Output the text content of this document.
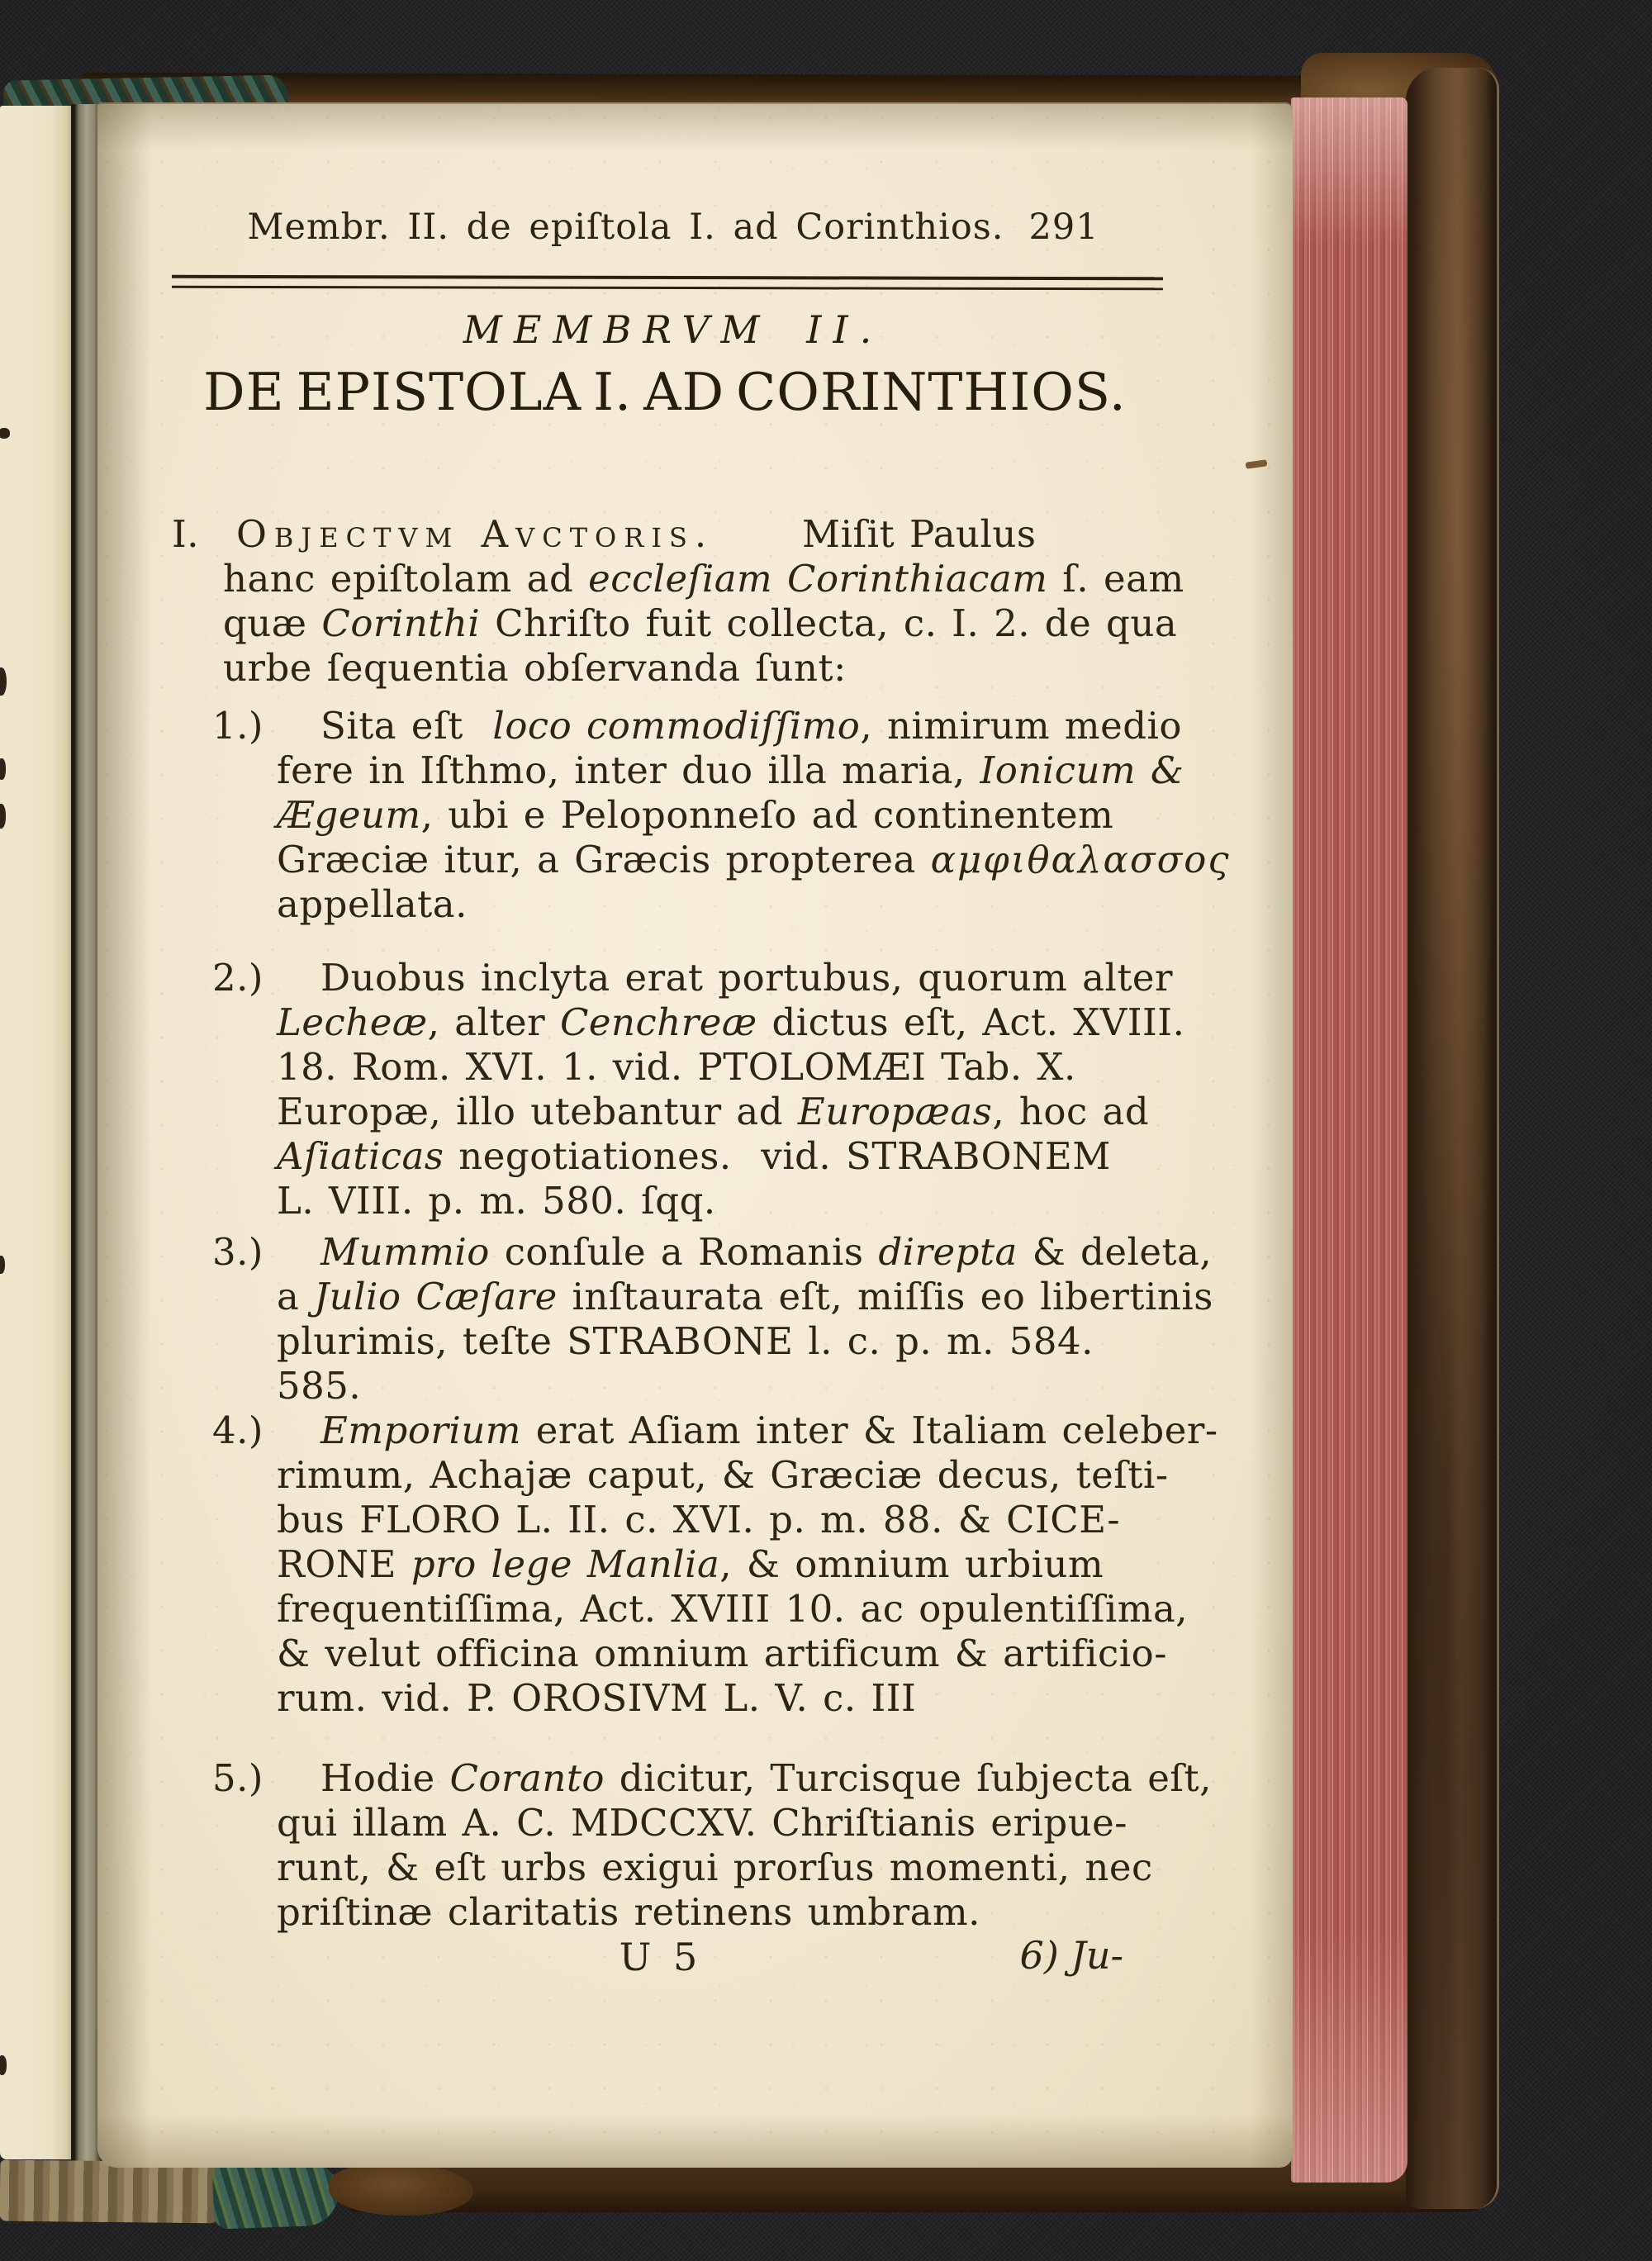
Membr. II. de epiſtola I. ad Corinthios. 291
MEMBRVM II.
DE EPISTOLA I. AD CORINTHIOS.
I. Objectvm Avctoris.      Miſit Paulus
hanc epiſtolam ad eccleſiam Corinthiacam ſ. eam
quæ Corinthi Chriſto fuit collecta, c. I. 2. de qua
urbe ſequentia obſervanda ſunt:
1.) Sita eſt  loco commodiſſimo, nimirum medio
fere in Iſthmo, inter duo illa maria, Ionicum &
Ægeum, ubi e Peloponneſo ad continentem
Græciæ itur, a Græcis propterea αμφιθαλασσος
appellata.
2.) Duobus inclyta erat portubus, quorum alter
Lecheæ, alter Cenchreæ dictus eſt, Act. XVIII.
18. Rom. XVI. 1. vid. PTOLOMÆI Tab. X.
Europæ, illo utebantur ad Europæas, hoc ad
Aſiaticas negotiationes.  vid. STRABONEM
L. VIII. p. m. 580. ſqq.
3.) Mummio conſule a Romanis direpta & deleta,
a Julio Cæſare inſtaurata eſt, miſſis eo libertinis
plurimis, teſte STRABONE l. c. p. m. 584.
585.
4.) Emporium erat Aſiam inter & Italiam celeber-
rimum, Achajæ caput, & Græciæ decus, teſti-
bus FLORO L. II. c. XVI. p. m. 88. & CICE-
RONE pro lege Manlia, & omnium urbium
frequentiſſima, Act. XVIII 10. ac opulentiſſima,
& velut officina omnium artificum & artificio-
rum. vid. P. OROSIVM L. V. c. III
5.) Hodie Coranto dicitur, Turcisque ſubjecta eſt,
qui illam A. C. MDCCXV. Chriſtianis eripue-
runt, & eſt urbs exigui prorſus momenti, nec
priſtinæ claritatis retinens umbram.
U 5	6) Ju-
